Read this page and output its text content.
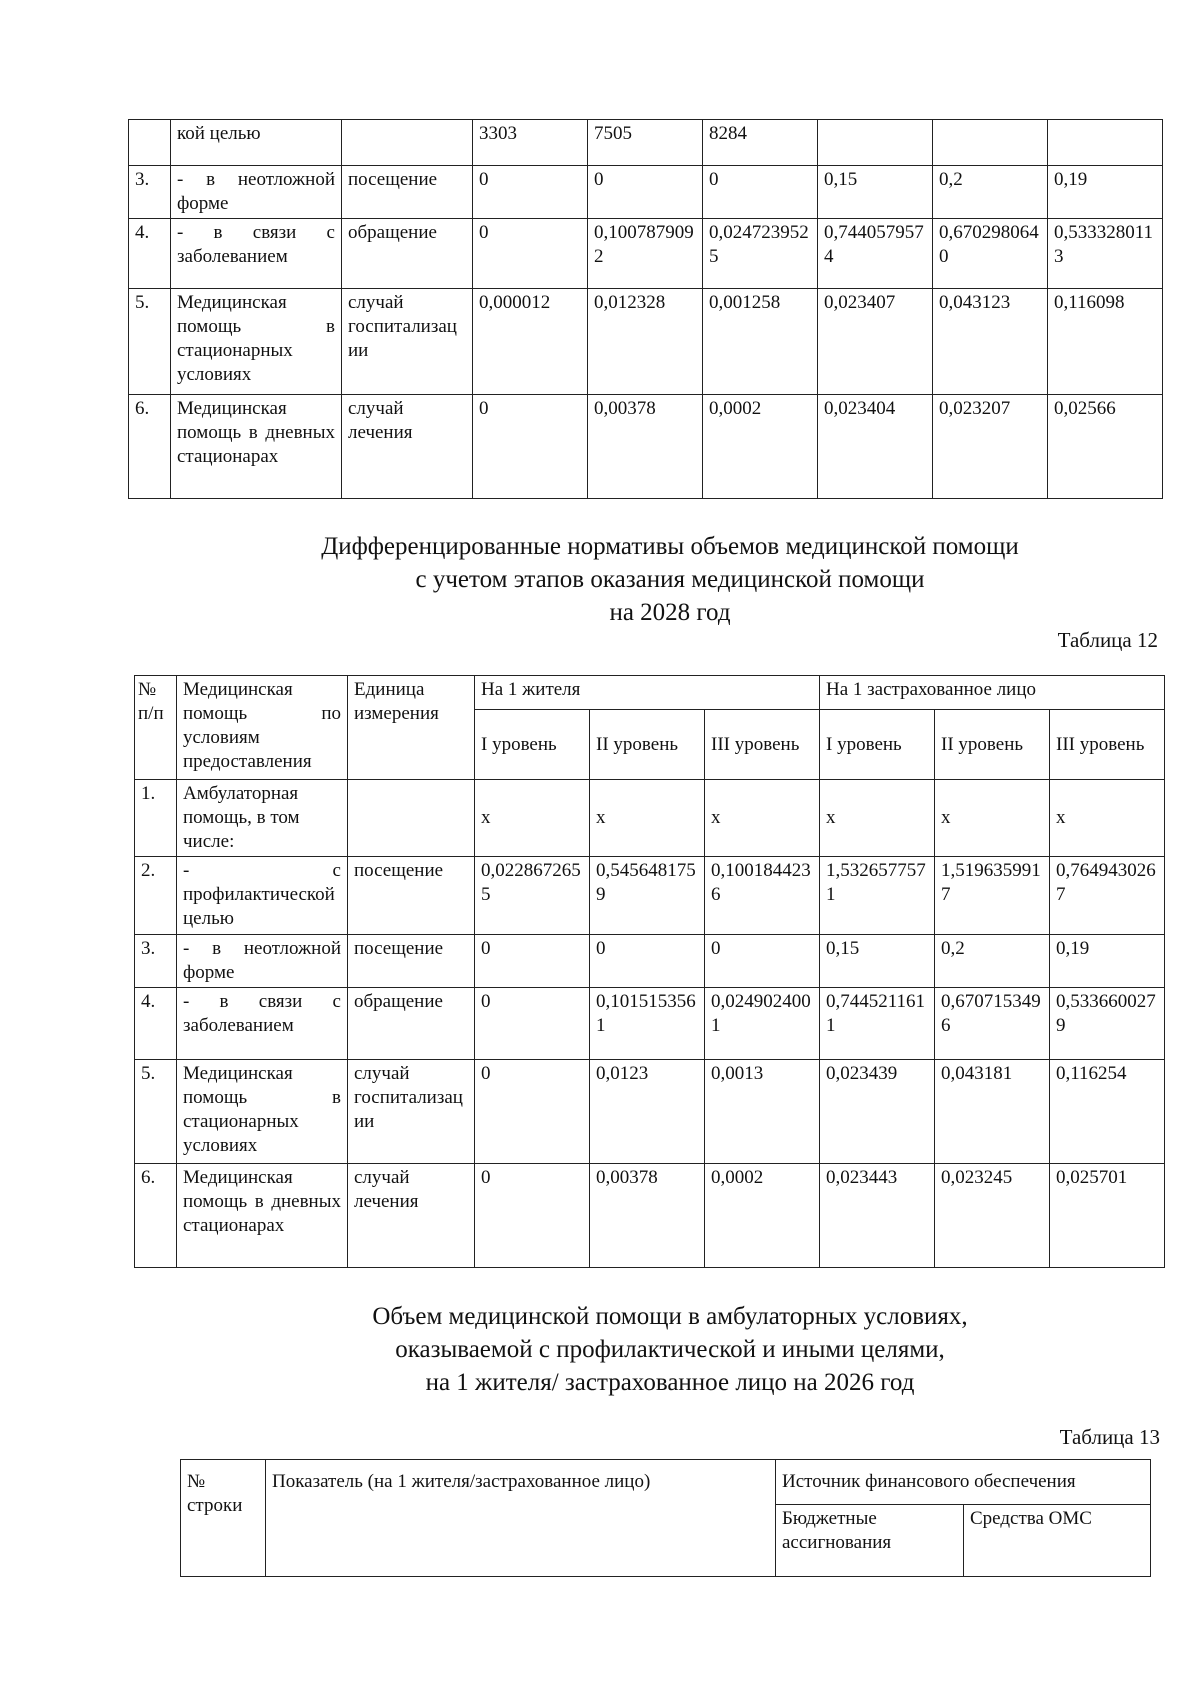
	кой целью		3303	7505	8284			
3.	- в неотложной форме	посещение	0	0	0	0,15	0,2	0,19
4.	- в связи с заболеванием	обращение	0	0,1007879092	0,0247239525	0,7440579574	0,6702980640	0,5333280113
5.	Медицинская помощь в стационарных условиях	случай госпитализации	0,000012	0,012328	0,001258	0,023407	0,043123	0,116098
6.	Медицинская помощь в дневных стационарах	случай лечения	0	0,00378	0,0002	0,023404	0,023207	0,02566
Дифференцированные нормативы объемов медицинской помощи
с учетом этапов оказания медицинской помощи
на 2028 год
Таблица 12
№ п/п	Медицинская помощь по условиям предоставления	Единица измерения	На 1 жителя			На 1 застрахованное лицо		
			I уровень	II уровень	III уровень	I уровень	II уровень	III уровень
1.	Амбулаторная помощь, в том числе:		x	x	x	x	x	x
2.	- с профилактической целью	посещение	0,0228672655	0,5456481759	0,1001844236	1,5326577571	1,5196359917	0,7649430267
3.	- в неотложной форме	посещение	0	0	0	0,15	0,2	0,19
4.	- в связи с заболеванием	обращение	0	0,1015153561	0,0249024001	0,7445211611	0,6707153496	0,5336600279
5.	Медицинская помощь в стационарных условиях	случай госпитализации	0	0,0123	0,0013	0,023439	0,043181	0,116254
6.	Медицинская помощь в дневных стационарах	случай лечения	0	0,00378	0,0002	0,023443	0,023245	0,025701
Объем медицинской помощи в амбулаторных условиях,
оказываемой с профилактической и иными целями,
на 1 жителя/ застрахованное лицо на 2026 год
Таблица 13
№ строки	Показатель (на 1 жителя/застрахованное лицо)	Источник финансового обеспечения	
		Бюджетные ассигнования	Средства ОМС
